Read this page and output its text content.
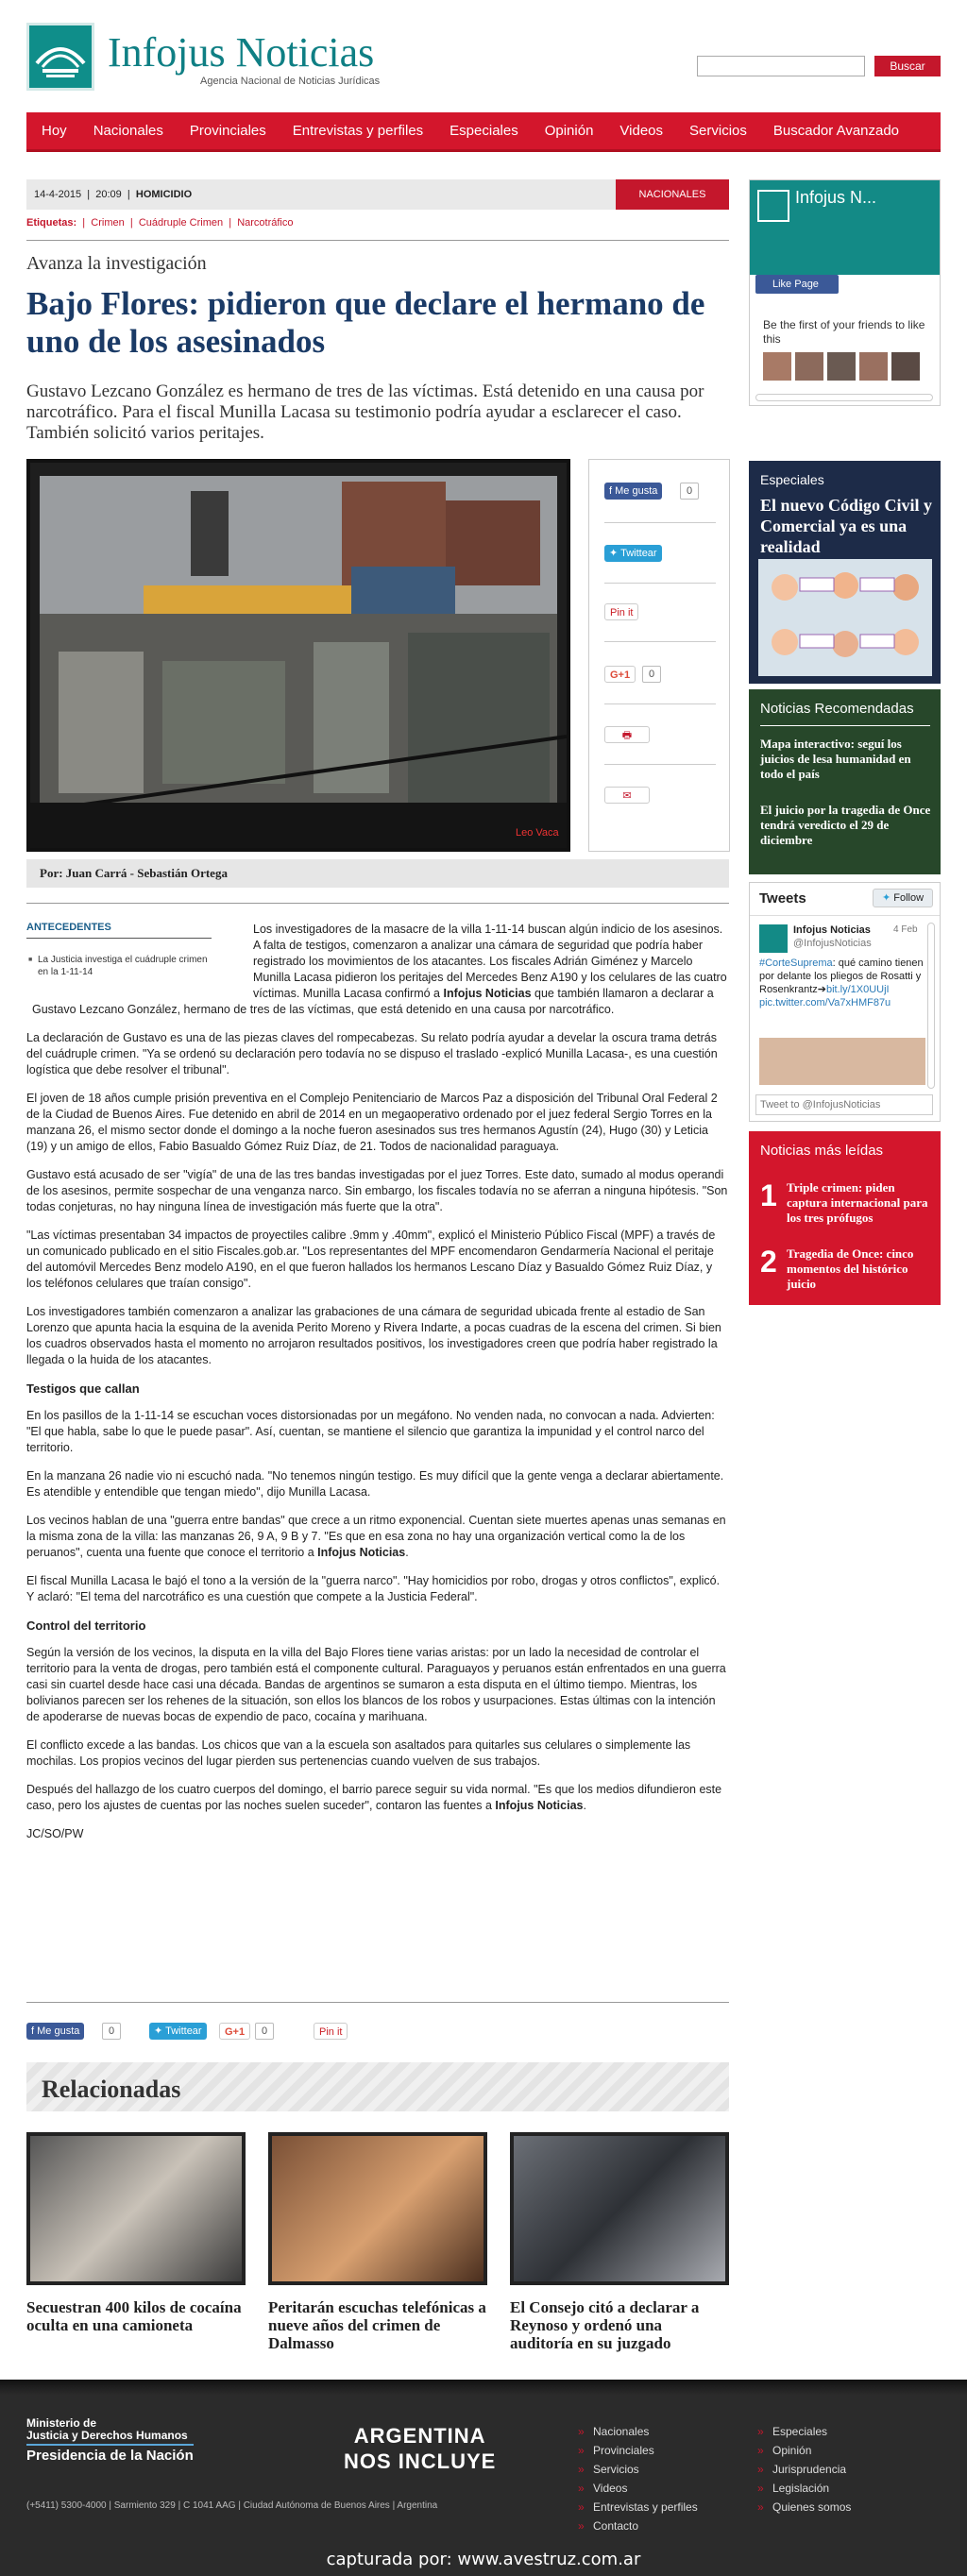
Infojus Noticias
Agencia Nacional de Noticias Jurídicas
Buscar
Hoy Nacionales Provinciales Entrevistas y perfiles Especiales Opinión Videos Servicios Buscador Avanzado
14-4-2015  |  20:09  |  HOMICIDIO	NACIONALES
Etiquetas:  |  Crimen  |  Cuádruple Crimen  |  Narcotráfico
Avanza la investigación
Bajo Flores: pidieron que declare el hermano de uno de los asesinados
Gustavo Lezcano González es hermano de tres de las víctimas. Está detenido en una causa por narcotráfico. Para el fiscal Munilla Lacasa su testimonio podría ayudar a esclarecer el caso. También solicitó varios peritajes.
Leo Vaca
f Me gusta	0
✦ Twittear
Pin it
G+1	0
🖶
✉
Por: Juan Carrá - Sebastián Ortega

Los investigadores de la masacre de la villa 1-11-14 buscan algún indicio de los asesinos. A falta de testigos, comenzaron a analizar una cámara de seguridad que podría haber registrado los movimientos de los atacantes. Los fiscales Adrián Giménez y Marcelo Munilla Lacasa pidieron los peritajes del Mercedes Benz A190 y los celulares de las cuatro víctimas. Munilla Lacasa confirmó a Infojus Noticias que también llamaron a declarar a Gustavo Lezcano González, hermano de tres de las víctimas, que está detenido en una causa por narcotráfico.

La declaración de Gustavo es una de las piezas claves del rompecabezas. Su relato podría ayudar a develar la oscura trama detrás del cuádruple crimen. "Ya se ordenó su declaración pero todavía no se dispuso el traslado -explicó Munilla Lacasa-, es una cuestión logística que debe resolver el tribunal".

El joven de 18 años cumple prisión preventiva en el Complejo Penitenciario de Marcos Paz a disposición del Tribunal Oral Federal 2 de la Ciudad de Buenos Aires. Fue detenido en abril de 2014 en un megaoperativo ordenado por el juez federal Sergio Torres en la manzana 26, el mismo sector donde el domingo a la noche fueron asesinados sus tres hermanos Agustín (24), Hugo (30) y Leticia (19) y un amigo de ellos, Fabio Basualdo Gómez Ruiz Díaz, de 21. Todos de nacionalidad paraguaya.

Gustavo está acusado de ser "vigía" de una de las tres bandas investigadas por el juez Torres. Este dato, sumado al modus operandi de los asesinos, permite sospechar de una venganza narco. Sin embargo, los fiscales todavía no se aferran a ninguna hipótesis. "Son todas conjeturas, no hay ninguna línea de investigación más fuerte que la otra".

"Las víctimas presentaban 34 impactos de proyectiles calibre .9mm y .40mm", explicó el Ministerio Público Fiscal (MPF) a través de un comunicado publicado en el sitio Fiscales.gob.ar. "Los representantes del MPF encomendaron Gendarmería Nacional el peritaje del automóvil Mercedes Benz modelo A190, en el que fueron hallados los hermanos Lescano Díaz y Basualdo Gómez Ruiz Díaz, y los teléfonos celulares que traían consigo".

Los investigadores también comenzaron a analizar las grabaciones de una cámara de seguridad ubicada frente al estadio de San Lorenzo que apunta hacia la esquina de la avenida Perito Moreno y Rivera Indarte, a pocas cuadras de la escena del crimen. Si bien los cuadros observados hasta el momento no arrojaron resultados positivos, los investigadores creen que podría haber registrado la llegada o la huida de los atacantes.

Testigos que callan

En los pasillos de la 1-11-14 se escuchan voces distorsionadas por un megáfono. No venden nada, no convocan a nada. Advierten: "El que habla, sabe lo que le puede pasar". Así, cuentan, se mantiene el silencio que garantiza la impunidad y el control narco del territorio.

En la manzana 26 nadie vio ni escuchó nada. "No tenemos ningún testigo. Es muy difícil que la gente venga a declarar abiertamente. Es atendible y entendible que tengan miedo", dijo Munilla Lacasa.

Los vecinos hablan de una "guerra entre bandas" que crece a un ritmo exponencial. Cuentan siete muertes apenas unas semanas en la misma zona de la villa: las manzanas 26, 9 A, 9 B y 7. "Es que en esa zona no hay una organización vertical como la de los peruanos", cuenta una fuente que conoce el territorio a Infojus Noticias.

El fiscal Munilla Lacasa le bajó el tono a la versión de la "guerra narco". "Hay homicidios por robo, drogas y otros conflictos", explicó. Y aclaró: "El tema del narcotráfico es una cuestión que compete a la Justicia Federal".

Control del territorio

Según la versión de los vecinos, la disputa en la villa del Bajo Flores tiene varias aristas: por un lado la necesidad de controlar el territorio para la venta de drogas, pero también está el componente cultural. Paraguayos y peruanos están enfrentados en una guerra casi sin cuartel desde hace casi una década. Bandas de argentinos se sumaron a esta disputa en el último tiempo. Mientras, los bolivianos parecen ser los rehenes de la situación, son ellos los blancos de los robos y usurpaciones. Estas últimas con la intención de apoderarse de nuevas bocas de expendio de paco, cocaína y marihuana.

El conflicto excede a las bandas. Los chicos que van a la escuela son asaltados para quitarles sus celulares o simplemente las mochilas. Los propios vecinos del lugar pierden sus pertenencias cuando vuelven de sus trabajos.

Después del hallazgo de los cuatro cuerpos del domingo, el barrio parece seguir su vida normal. "Es que los medios difundieron este caso, pero los ajustes de cuentas por las noches suelen suceder", contaron las fuentes a Infojus Noticias.

JC/SO/PW

ANTECEDENTES
■ La Justicia investiga el cuádruple crimen en la 1-11-14
f Me gusta	0	✦ Twittear	G+1	0	Pin it
Relacionadas
Secuestran 400 kilos de cocaína oculta en una camioneta
Peritarán escuchas telefónicas a nueve años del crimen de Dalmasso
El Consejo citó a declarar a Reynoso y ordenó una auditoría en su juzgado
Infojus N...
Like Page
Be the first of your friends to like this
Especiales
El nuevo Código Civil y Comercial ya es una realidad
Noticias Recomendadas
Mapa interactivo: seguí los juicios de lesa humanidad en todo el país
El juicio por la tragedia de Once tendrá veredicto el 29 de diciembre
Tweets	✦ Follow
Infojus Noticias
@InfojusNoticias
4 Feb
#CorteSuprema: qué camino tienen por delante los pliegos de Rosatti y Rosenkrantz➔bit.ly/1X0UUjI pic.twitter.com/Va7xHMF87u
Tweet to @InfojusNoticias
Noticias más leídas
1 Triple crimen: piden captura internacional para los tres prófugos
2 Tragedia de Once: cinco momentos del histórico juicio
Ministerio de
Justicia y Derechos Humanos
Presidencia de la Nación
ARGENTINA
NOS INCLUYE
(+5411) 5300-4000 | Sarmiento 329 | C 1041 AAG | Ciudad Autónoma de Buenos Aires | Argentina
» Nacionales
» Provinciales
» Servicios
» Videos
» Entrevistas y perfiles
» Contacto
» Especiales
» Opinión
» Jurisprudencia
» Legislación
» Quienes somos
capturada por: www.avestruz.com.ar
